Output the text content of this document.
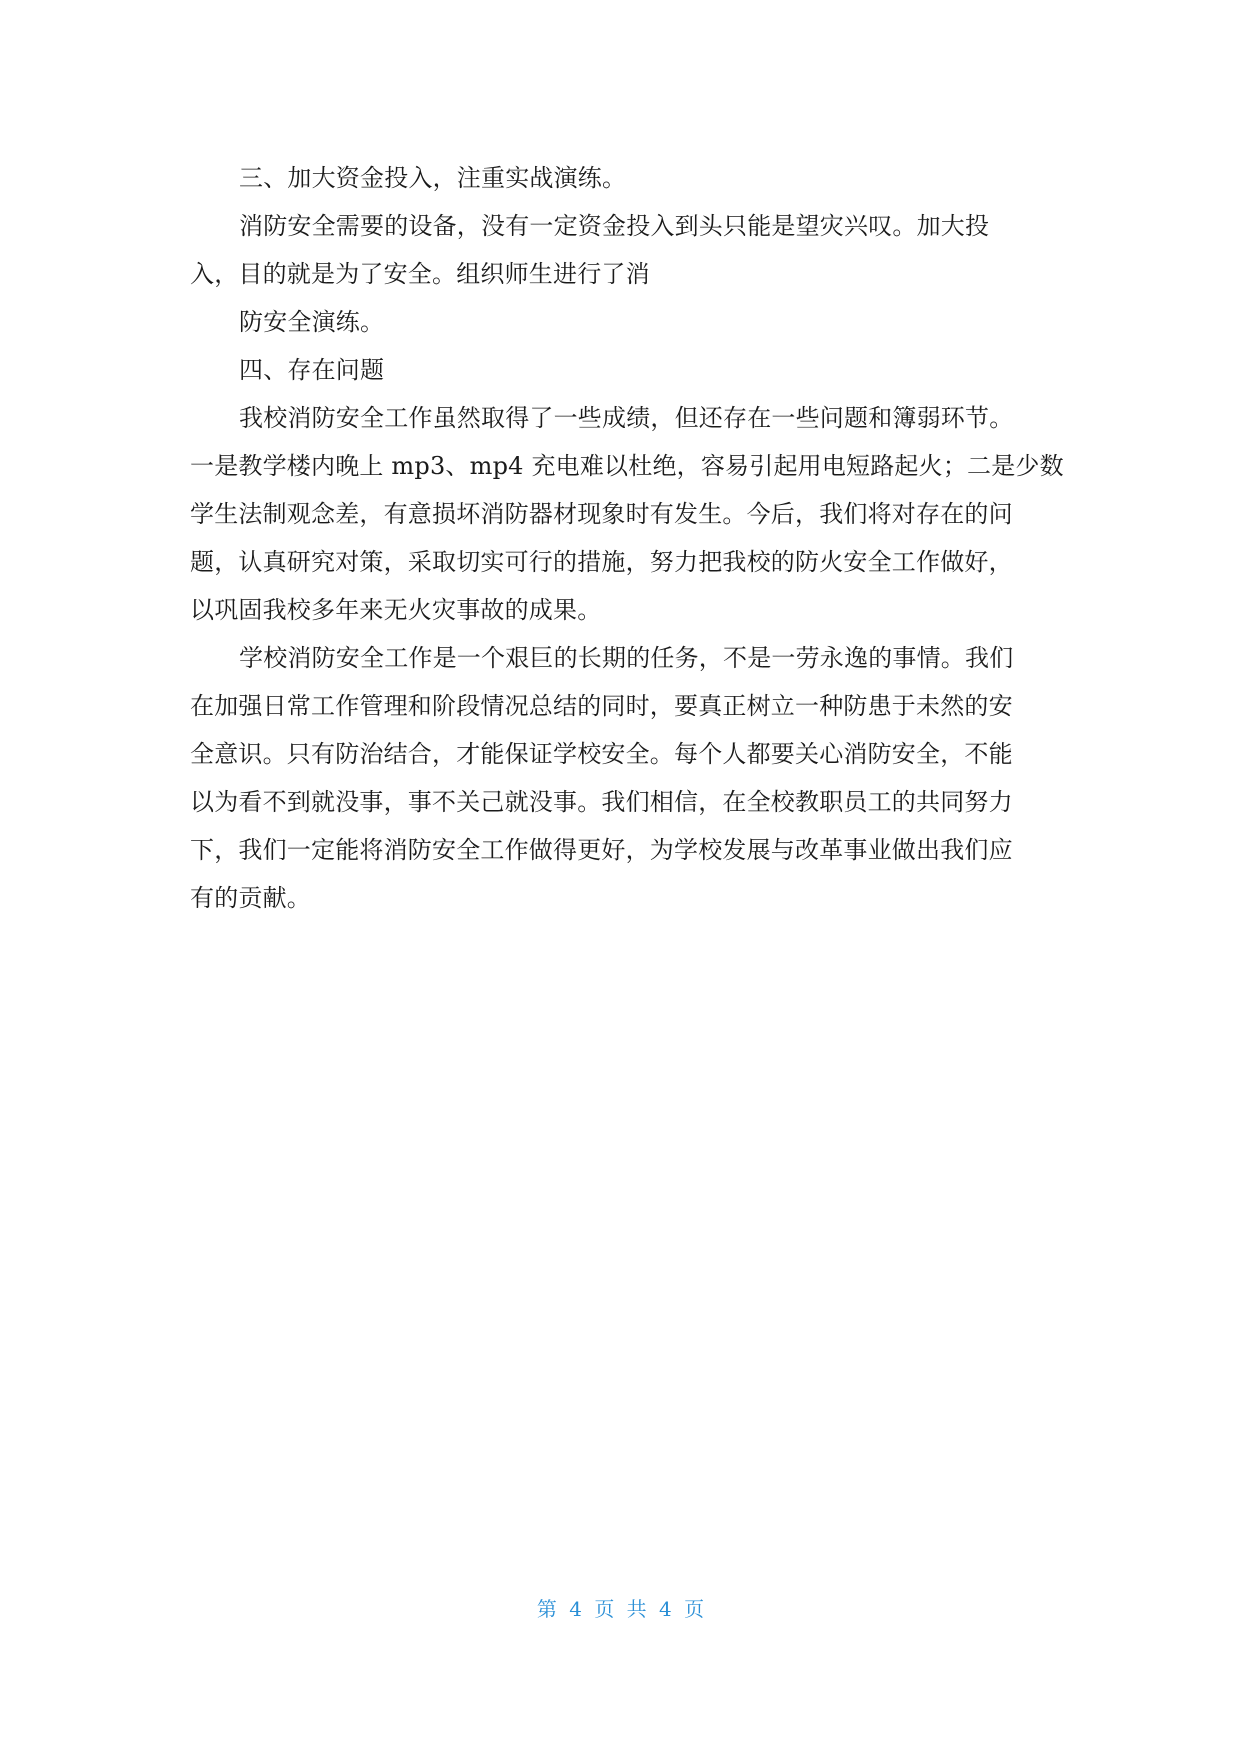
三、加大资金投入，注重实战演练。
消防安全需要的设备，没有一定资金投入到头只能是望灾兴叹。加大投
入，目的就是为了安全。组织师生进行了消
防安全演练。
四、存在问题
我校消防安全工作虽然取得了一些成绩，但还存在一些问题和簿弱环节。
一是教学楼内晚上 mp3、mp4 充电难以杜绝，容易引起用电短路起火；二是少数
学生法制观念差，有意损坏消防器材现象时有发生。今后，我们将对存在的问
题，认真研究对策，采取切实可行的措施，努力把我校的防火安全工作做好，
以巩固我校多年来无火灾事故的成果。
学校消防安全工作是一个艰巨的长期的任务，不是一劳永逸的事情。我们
在加强日常工作管理和阶段情况总结的同时，要真正树立一种防患于未然的安
全意识。只有防治结合，才能保证学校安全。每个人都要关心消防安全，不能
以为看不到就没事，事不关己就没事。我们相信，在全校教职员工的共同努力
下，我们一定能将消防安全工作做得更好，为学校发展与改革事业做出我们应
有的贡献。
第 4 页 共 4 页
